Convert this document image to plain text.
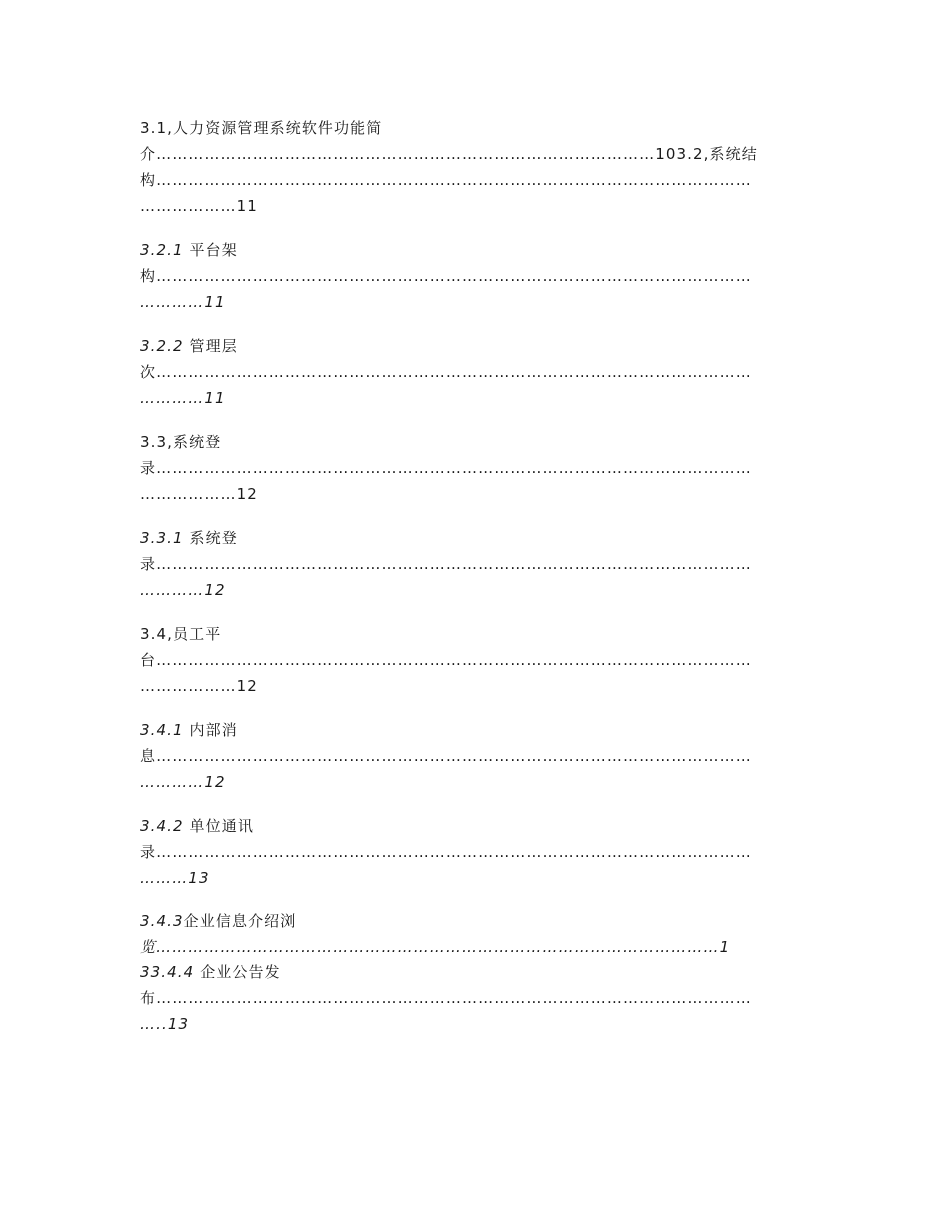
3.1,人力资源管理系统软件功能简
介…………………………………………………………………………………103.2,系统结
构…………………………………………………………………………………………………
………………11
3.2.1 平台架
构…………………………………………………………………………………………………
…………11
3.2.2 管理层
次…………………………………………………………………………………………………
…………11
3.3,系统登
录…………………………………………………………………………………………………
………………12
3.3.1 系统登
录…………………………………………………………………………………………………
…………12
3.4,员工平
台…………………………………………………………………………………………………
………………12
3.4.1 内部消
息…………………………………………………………………………………………………
…………12
3.4.2 单位通讯
录…………………………………………………………………………………………………
………13
3.4.3企业信息介绍浏
览……………………………………………………………………………………………1
33.4.4 企业公告发
布…………………………………………………………………………………………………
…..13
